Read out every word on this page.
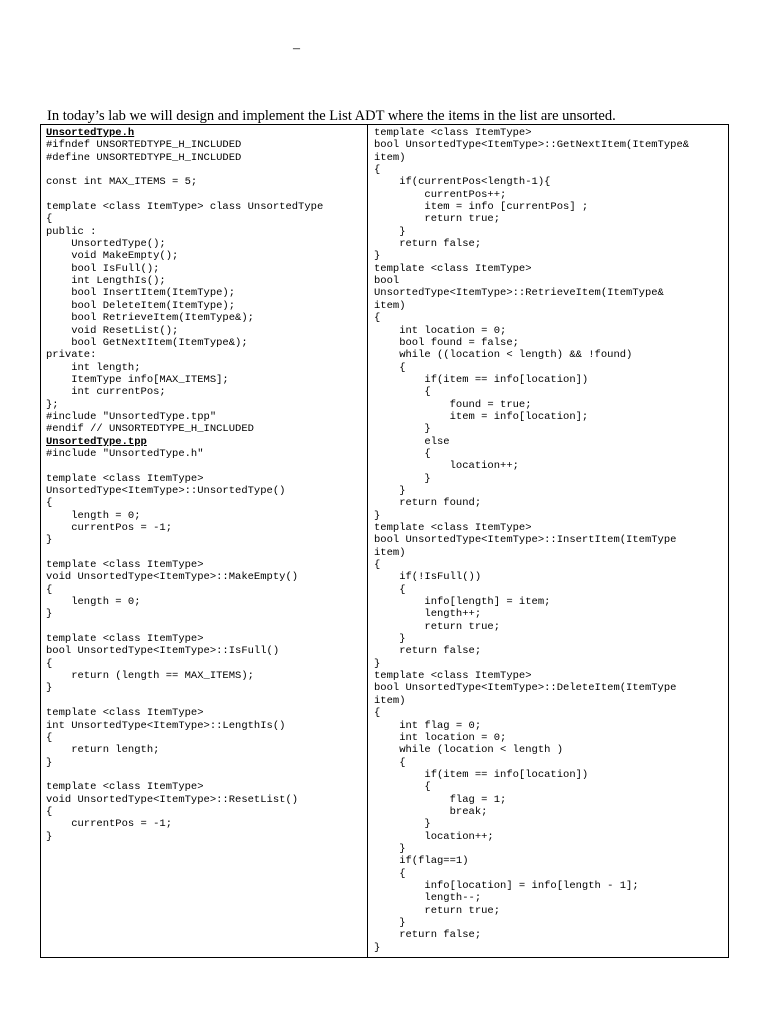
–
In today’s lab we will design and implement the List ADT where the items in the list are unsorted.
UnsortedType.h
#ifndef UNSORTEDTYPE_H_INCLUDED
#define UNSORTEDTYPE_H_INCLUDED

const int MAX_ITEMS = 5;

template <class ItemType> class UnsortedType
{
public :
UnsortedType();
void MakeEmpty();
bool IsFull();
int LengthIs();
bool InsertItem(ItemType);
bool DeleteItem(ItemType);
bool RetrieveItem(ItemType&);
void ResetList();
bool GetNextItem(ItemType&);
private:
int length;
ItemType info[MAX_ITEMS];
int currentPos;
};
#include "UnsortedType.tpp"
#endif // UNSORTEDTYPE_H_INCLUDED
UnsortedType.tpp
#include "UnsortedType.h"

template <class ItemType>
UnsortedType<ItemType>::UnsortedType()
{
length = 0;
currentPos = -1;
}

template <class ItemType>
void UnsortedType<ItemType>::MakeEmpty()
{
length = 0;
}

template <class ItemType>
bool UnsortedType<ItemType>::IsFull()
{
return (length == MAX_ITEMS);
}

template <class ItemType>
int UnsortedType<ItemType>::LengthIs()
{
return length;
}

template <class ItemType>
void UnsortedType<ItemType>::ResetList()
{
currentPos = -1;
}
template <class ItemType>
bool UnsortedType<ItemType>::GetNextItem(ItemType&
item)
{
if(currentPos<length-1){
currentPos++;
item = info [currentPos] ;
return true;
}
return false;
}
template <class ItemType>
bool
UnsortedType<ItemType>::RetrieveItem(ItemType&
item)
{
int location = 0;
bool found = false;
while ((location < length) && !found)
{
if(item == info[location])
{
found = true;
item = info[location];
}
else
{
location++;
}
}
return found;
}
template <class ItemType>
bool UnsortedType<ItemType>::InsertItem(ItemType
item)
{
if(!IsFull())
{
info[length] = item;
length++;
return true;
}
return false;
}
template <class ItemType>
bool UnsortedType<ItemType>::DeleteItem(ItemType
item)
{
int flag = 0;
int location = 0;
while (location < length )
{
if(item == info[location])
{
flag = 1;
break;
}
location++;
}
if(flag==1)
{
info[location] = info[length - 1];
length--;
return true;
}
return false;
}
